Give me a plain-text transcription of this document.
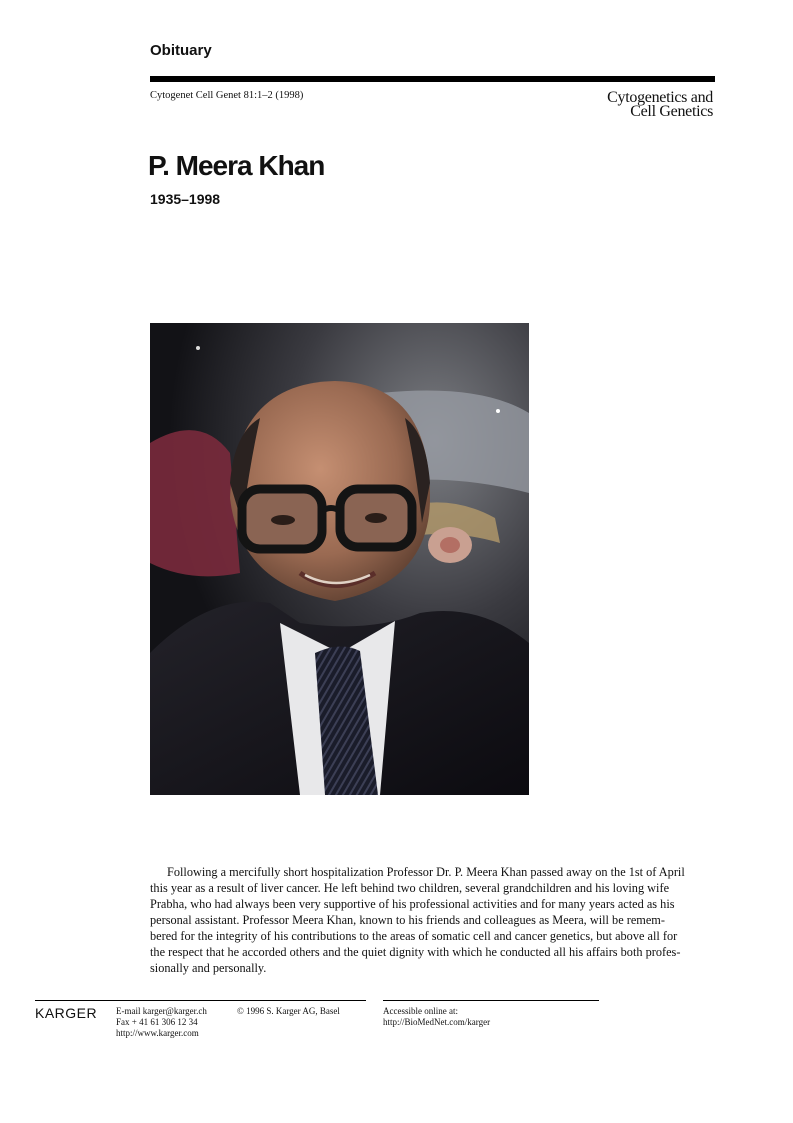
Obituary
Cytogenet Cell Genet 81:1–2 (1998)	Cytogenetics and
Cell Genetics
P. Meera Khan
1935–1998
Following a mercifully short hospitalization Professor Dr. P. Meera Khan passed away on the 1st of April
this year as a result of liver cancer. He left behind two children, several grandchildren and his loving wife
Prabha, who had always been very supportive of his professional activities and for many years acted as his
personal assistant. Professor Meera Khan, known to his friends and colleagues as Meera, will be remem-
bered for the integrity of his contributions to the areas of somatic cell and cancer genetics, but above all for
the respect that he accorded others and the quiet dignity with which he conducted all his affairs both profes-
sionally and personally.
KARGER E-mail karger@karger.ch
Fax + 41 61 306 12 34
http://www.karger.com
© 1996 S. Karger AG, Basel	Accessible online at:
http://BioMedNet.com/karger
